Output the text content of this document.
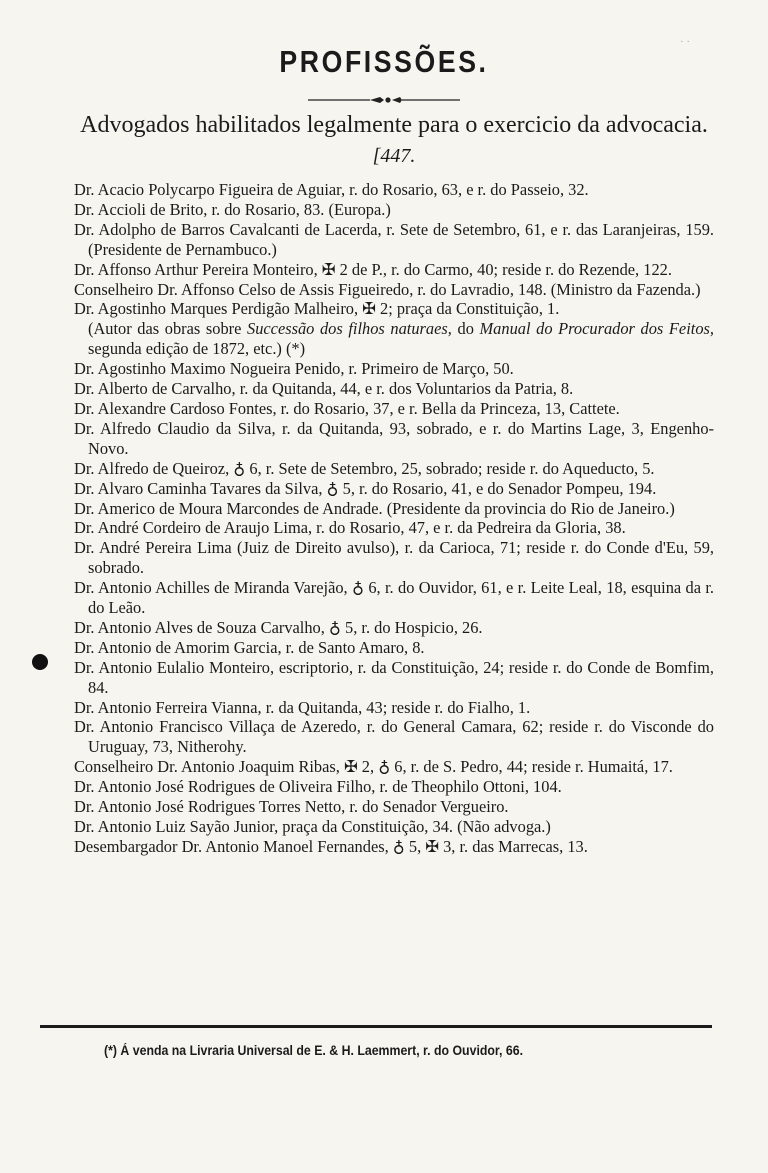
· ·
PROFISSÕES.
Advogados habilitados legalmente para o exercicio da advocacia. [447.
Dr. Acacio Polycarpo Figueira de Aguiar, r. do Rosario, 63, e r. do Passeio, 32.
Dr. Accioli de Brito, r. do Rosario, 83. (Europa.)
Dr. Adolpho de Barros Cavalcanti de Lacerda, r. Sete de Setembro, 61, e r. das Laranjeiras, 159. (Presidente de Pernambuco.)
Dr. Affonso Arthur Pereira Monteiro, ✠ 2 de P., r. do Carmo, 40; reside r. do Rezende, 122.
Conselheiro Dr. Affonso Celso de Assis Figueiredo, r. do Lavradio, 148. (Ministro da Fazenda.)
Dr. Agostinho Marques Perdigão Malheiro, ✠ 2; praça da Constituição, 1.
(Autor das obras sobre Successão dos filhos naturaes, do Manual do Procurador dos Feitos, segunda edição de 1872, etc.) (*)
Dr. Agostinho Maximo Nogueira Penido, r. Primeiro de Março, 50.
Dr. Alberto de Carvalho, r. da Quitanda, 44, e r. dos Voluntarios da Patria, 8.
Dr. Alexandre Cardoso Fontes, r. do Rosario, 37, e r. Bella da Princeza, 13, Cattete.
Dr. Alfredo Claudio da Silva, r. da Quitanda, 93, sobrado, e r. do Martins Lage, 3, Engenho-Novo.
Dr. Alfredo de Queiroz, ♁ 6, r. Sete de Setembro, 25, sobrado; reside r. do Aqueducto, 5.
Dr. Alvaro Caminha Tavares da Silva, ♁ 5, r. do Rosario, 41, e do Senador Pompeu, 194.
Dr. Americo de Moura Marcondes de Andrade. (Presidente da provincia do Rio de Janeiro.)
Dr. André Cordeiro de Araujo Lima, r. do Rosario, 47, e r. da Pedreira da Gloria, 38.
Dr. André Pereira Lima (Juiz de Direito avulso), r. da Carioca, 71; reside r. do Conde d'Eu, 59, sobrado.
Dr. Antonio Achilles de Miranda Varejão, ♁ 6, r. do Ouvidor, 61, e r. Leite Leal, 18, esquina da r. do Leão.
Dr. Antonio Alves de Souza Carvalho, ♁ 5, r. do Hospicio, 26.
Dr. Antonio de Amorim Garcia, r. de Santo Amaro, 8.
Dr. Antonio Eulalio Monteiro, escriptorio, r. da Constituição, 24; reside r. do Conde de Bomfim, 84.
Dr. Antonio Ferreira Vianna, r. da Quitanda, 43; reside r. do Fialho, 1.
Dr. Antonio Francisco Villaça de Azeredo, r. do General Camara, 62; reside r. do Visconde do Uruguay, 73, Nitherohy.
Conselheiro Dr. Antonio Joaquim Ribas, ✠ 2, ♁ 6, r. de S. Pedro, 44; reside r. Humaitá, 17.
Dr. Antonio José Rodrigues de Oliveira Filho, r. de Theophilo Ottoni, 104.
Dr. Antonio José Rodrigues Torres Netto, r. do Senador Vergueiro.
Dr. Antonio Luiz Sayão Junior, praça da Constituição, 34. (Não advoga.)
Desembargador Dr. Antonio Manoel Fernandes, ♁ 5, ✠ 3, r. das Marrecas, 13.
(*) Á venda na Livraria Universal de E. & H. Laemmert, r. do Ouvidor, 66.
